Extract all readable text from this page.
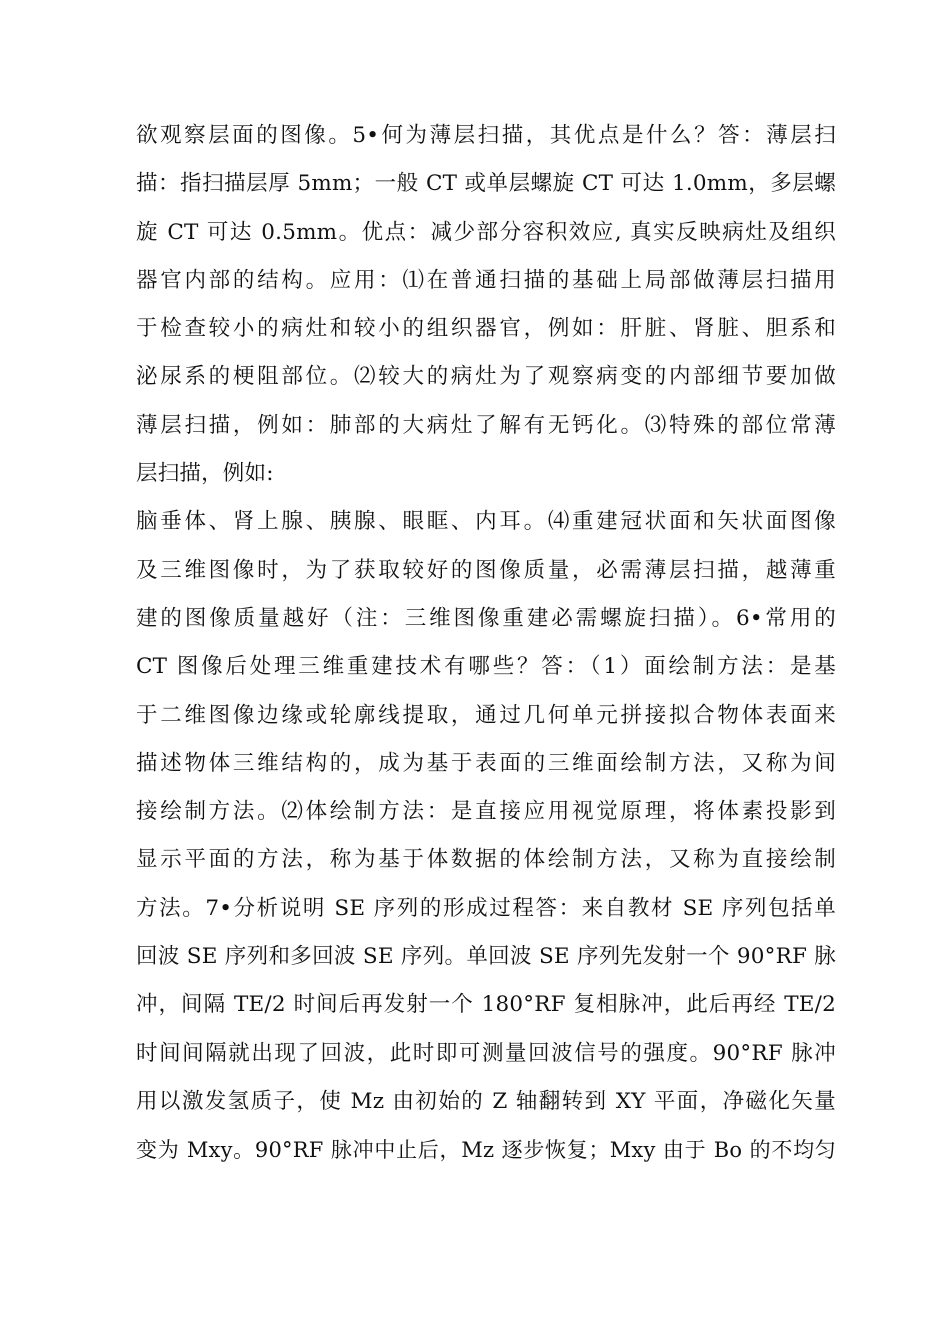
欲观察层面的图像。5•何为薄层扫描，其优点是什么？答：薄层扫
描：指扫描层厚 5mm；一般 CT 或单层螺旋 CT 可达 1.0mm，多层螺
旋 CT 可达 0.5mm。优点：减少部分容积效应, 真实反映病灶及组织
器官内部的结构。应用：⑴在普通扫描的基础上局部做薄层扫描用
于检查较小的病灶和较小的组织器官，例如：肝脏、肾脏、胆系和
泌尿系的梗阻部位。⑵较大的病灶为了观察病变的内部细节要加做
薄层扫描，例如：肺部的大病灶了解有无钙化。⑶特殊的部位常薄
层扫描，例如:
脑垂体、肾上腺、胰腺、眼眶、内耳。⑷重建冠状面和矢状面图像
及三维图像时，为了获取较好的图像质量，必需薄层扫描，越薄重
建的图像质量越好（注：三维图像重建必需螺旋扫描）。6•常用的
CT 图像后处理三维重建技术有哪些？答：（1）面绘制方法：是基
于二维图像边缘或轮廓线提取，通过几何单元拼接拟合物体表面来
描述物体三维结构的，成为基于表面的三维面绘制方法，又称为间
接绘制方法。⑵体绘制方法：是直接应用视觉原理，将体素投影到
显示平面的方法，称为基于体数据的体绘制方法，又称为直接绘制
方法。7•分析说明 SE 序列的形成过程答：来自教材 SE 序列包括单
回波 SE 序列和多回波 SE 序列。单回波 SE 序列先发射一个 90°RF 脉
冲，间隔 TE/2 时间后再发射一个 180°RF 复相脉冲，此后再经 TE/2
时间间隔就出现了回波，此时即可测量回波信号的强度。90°RF 脉冲
用以激发氢质子，使 Mz 由初始的 Z 轴翻转到 XY 平面，净磁化矢量
变为 Mxy。90°RF 脉冲中止后，Mz 逐步恢复；Mxy 由于 Bo 的不均匀
